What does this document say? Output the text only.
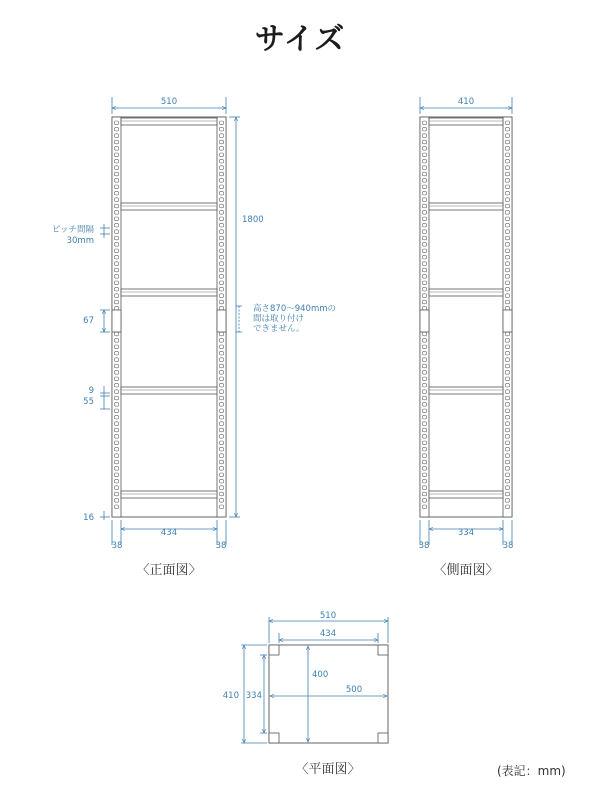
サイズ
510
1800
ピッチ間隔
30mm
67
9
55
16
高さ870～940mmの
間は取り付け
できません。
434
38	38
〈正面図〉
410
334
38	38
〈側面図〉
510
434
410 334
400
500
〈平面図〉	(表記：mm)
